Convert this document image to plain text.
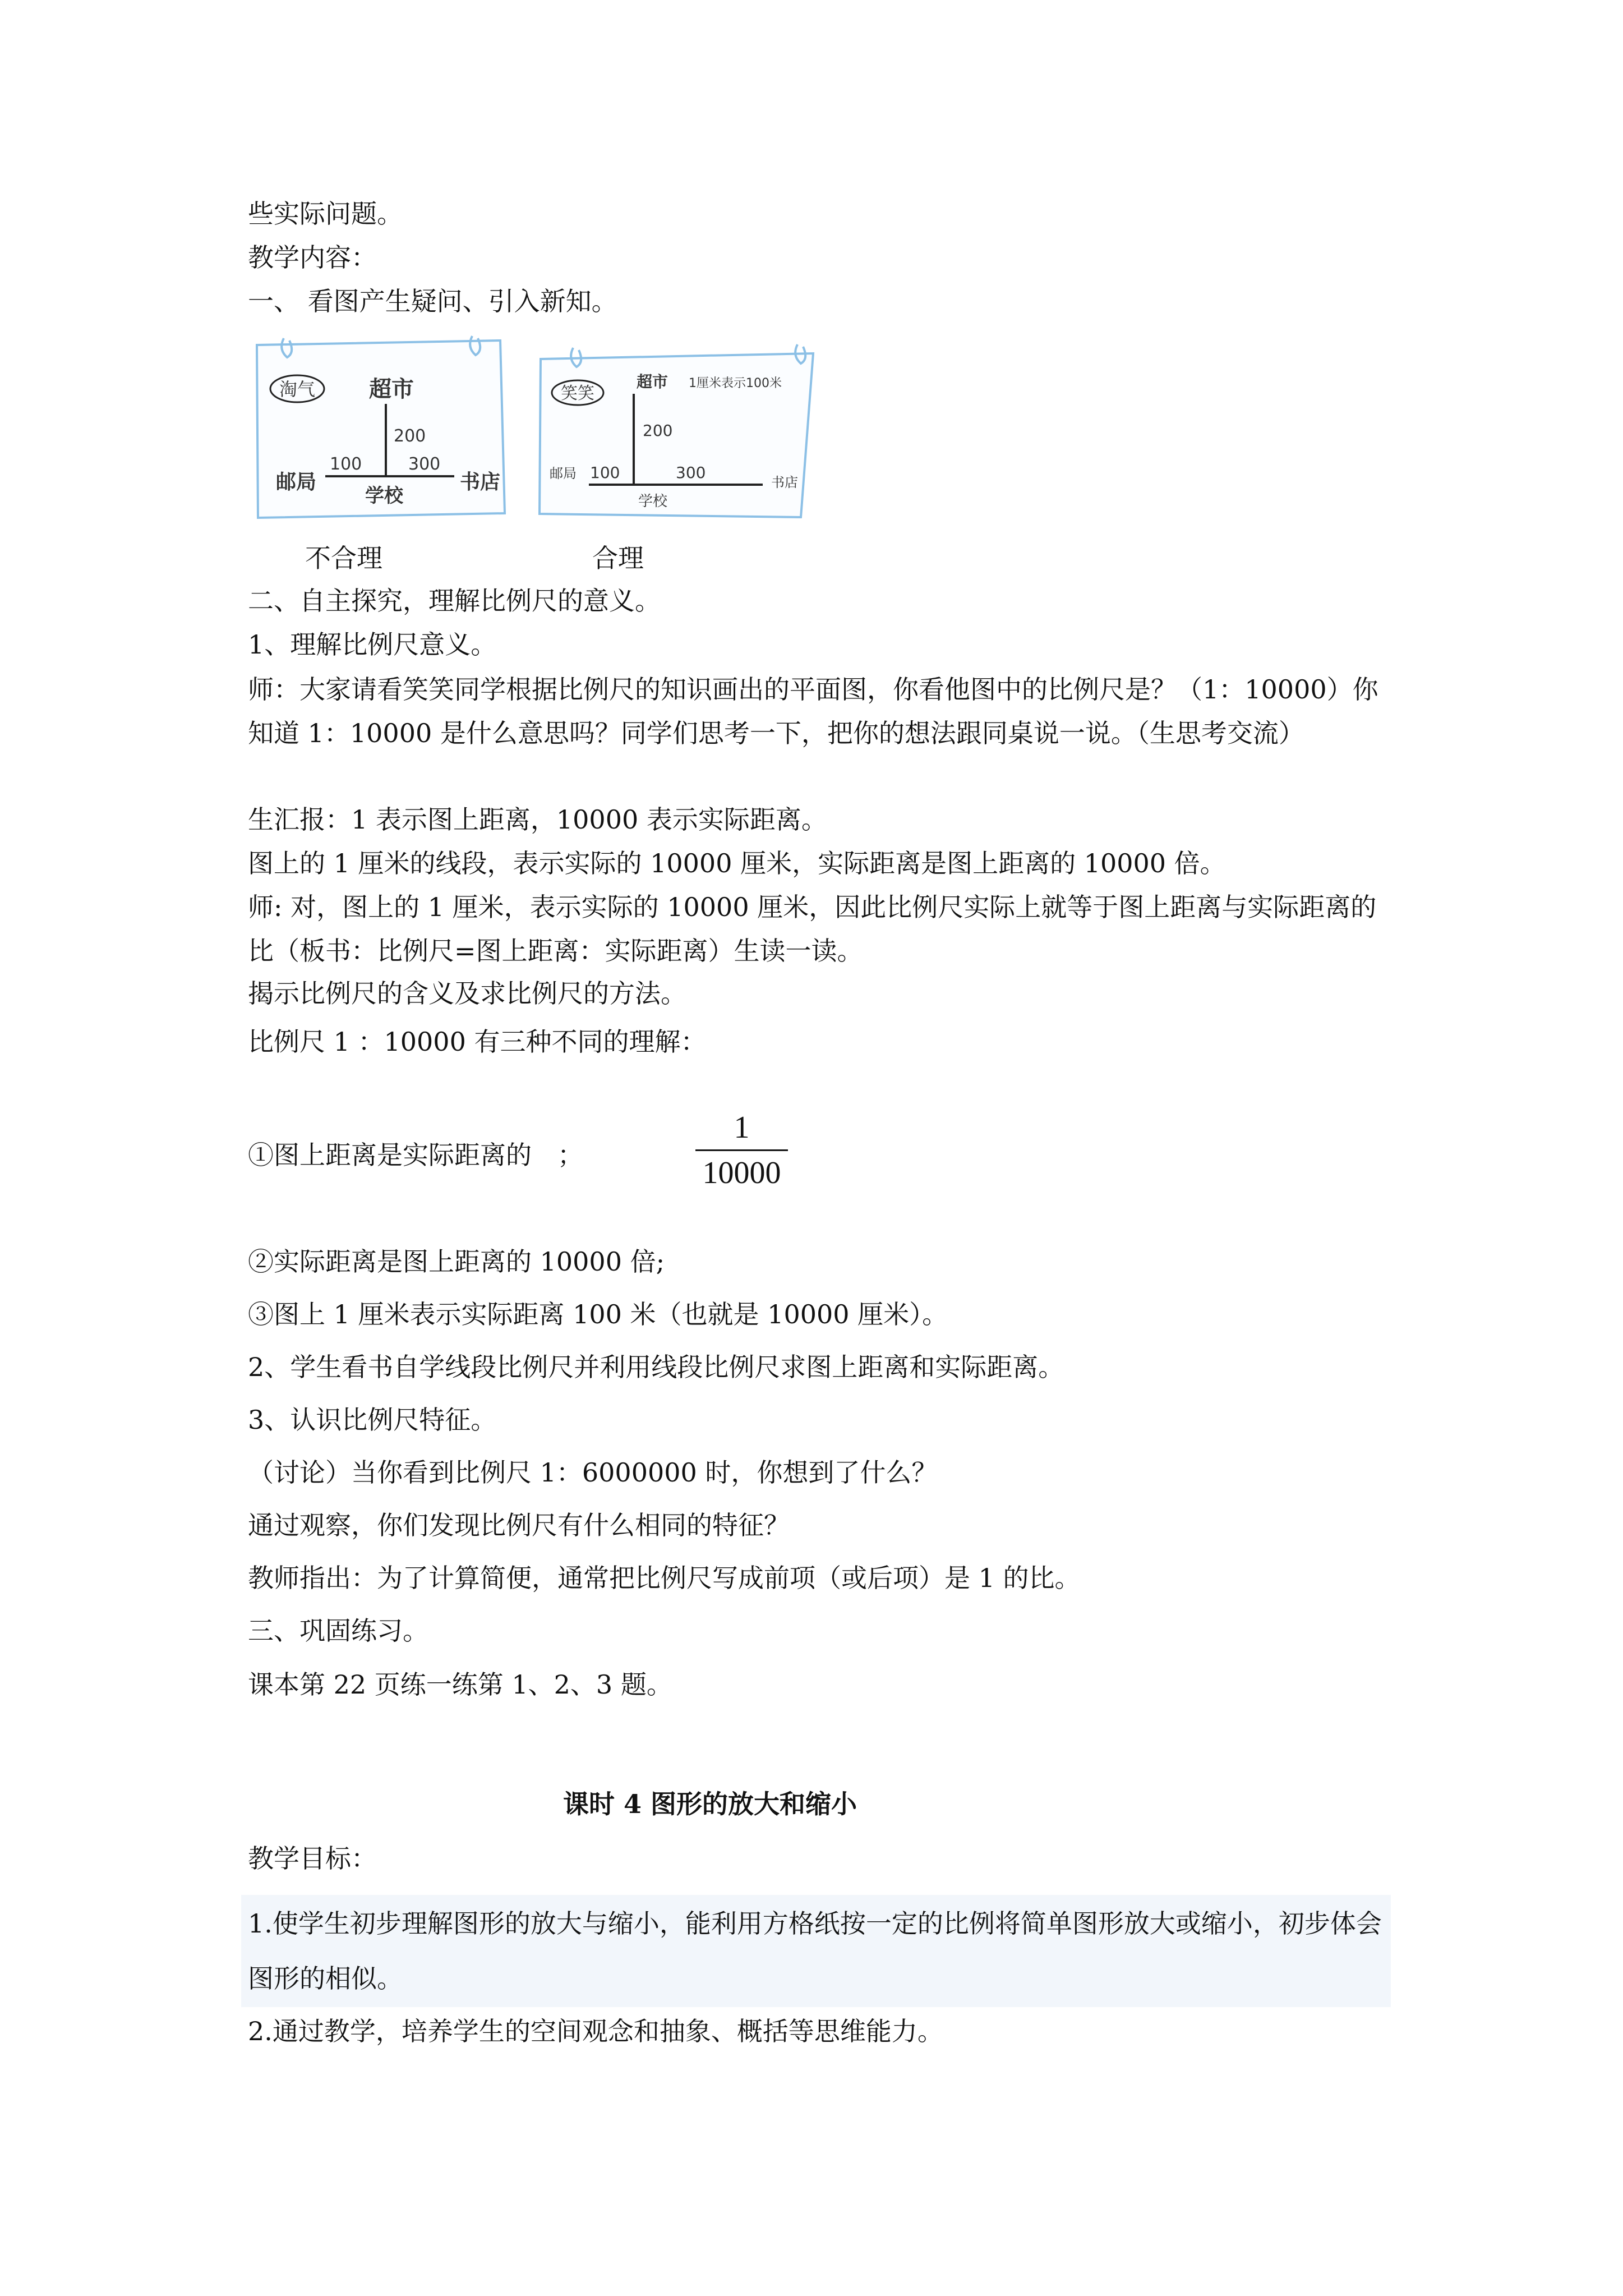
些实际问题。
教学内容：
一、 看图产生疑问、引入新知。
淘气 超市
200
100	300
邮局	书店
学校
笑笑
超市 1厘米表示100米
200
100	300
邮局
书店
学校
不合理	合理
二、自主探究，理解比例尺的意义。
1、理解比例尺意义。
师：大家请看笑笑同学根据比例尺的知识画出的平面图，你看他图中的比例尺是？（1：10000）你知道 1：10000 是什么意思吗？同学们思考一下，把你的想法跟同桌说一说。（生思考交流）
生汇报：1 表示图上距离，10000 表示实际距离。
图上的 1 厘米的线段，表示实际的 10000 厘米，实际距离是图上距离的 10000 倍。
师: 对，图上的 1 厘米，表示实际的 10000 厘米，因此比例尺实际上就等于图上距离与实际距离的比（板书：比例尺=图上距离：实际距离）生读一读。
揭示比例尺的含义及求比例尺的方法。
比例尺 1 ：10000 有三种不同的理解：
①图上距离是实际距离的　；
1
10000
②实际距离是图上距离的 10000 倍;
③图上 1 厘米表示实际距离 100 米（也就是 10000 厘米）。
2、学生看书自学线段比例尺并利用线段比例尺求图上距离和实际距离。
3、认识比例尺特征。
（讨论）当你看到比例尺 1：6000000 时，你想到了什么？
通过观察，你们发现比例尺有什么相同的特征？
教师指出：为了计算简便，通常把比例尺写成前项（或后项）是 1 的比。
三、巩固练习。
课本第 22 页练一练第 1、2、3 题。
课时 4 图形的放大和缩小
教学目标：
1.使学生初步理解图形的放大与缩小，能利用方格纸按一定的比例将简单图形放大或缩小，初步体会图形的相似。
2.通过教学，培养学生的空间观念和抽象、概括等思维能力。
